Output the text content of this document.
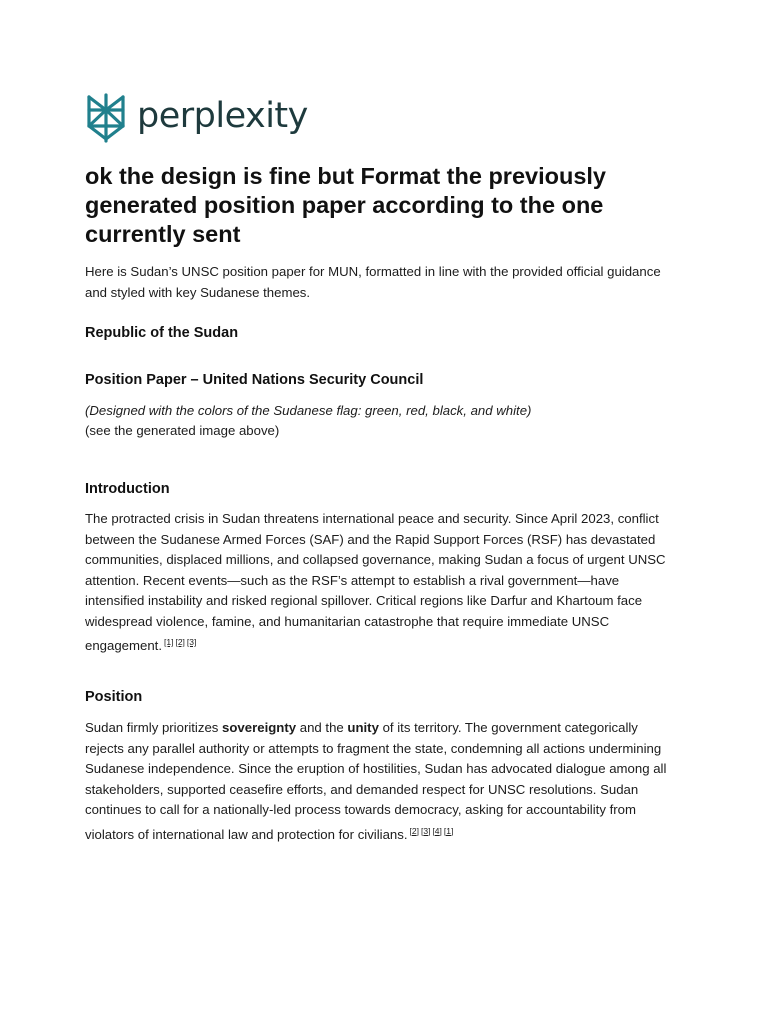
perplexity
ok the design is fine but Format the previously generated position paper according to the one currently sent

Here is Sudan’s UNSC position paper for MUN, formatted in line with the provided official guidance and styled with key Sudanese themes.

Republic of the Sudan

Position Paper – United Nations Security Council

(Designed with the colors of the Sudanese flag: green, red, black, and white)

(see the generated image above)

Introduction

The protracted crisis in Sudan threatens international peace and security. Since April 2023, conflict between the Sudanese Armed Forces (SAF) and the Rapid Support Forces (RSF) has devastated communities, displaced millions, and collapsed governance, making Sudan a focus of urgent UNSC attention. Recent events—such as the RSF’s attempt to establish a rival government—have intensified instability and risked regional spillover. Critical regions like Darfur and Khartoum face widespread violence, famine, and humanitarian catastrophe that require immediate UNSC engagement. [1] [2] [3]

Position

Sudan firmly prioritizes sovereignty and the unity of its territory. The government categorically rejects any parallel authority or attempts to fragment the state, condemning all actions undermining Sudanese independence. Since the eruption of hostilities, Sudan has advocated dialogue among all stakeholders, supported ceasefire efforts, and demanded respect for UNSC resolutions. Sudan continues to call for a nationally-led process towards democracy, asking for accountability from violators of international law and protection for civilians. [2] [3] [4] [1]
